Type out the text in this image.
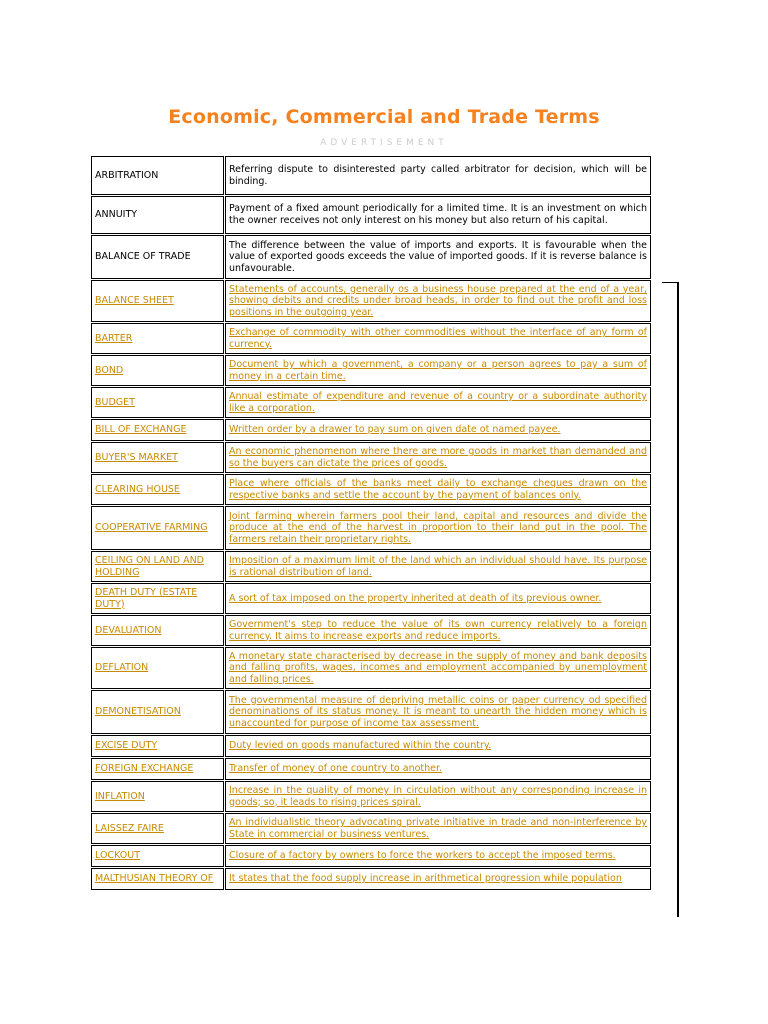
Economic, Commercial and Trade Terms
ADVERTISEMENT
ARBITRATION	Referring dispute to disinterested party called arbitrator for decision, which will be binding.
ANNUITY	Payment of a fixed amount periodically for a limited time. It is an investment on which the owner receives not only interest on his money but also return of his capital.
BALANCE OF TRADE	The difference between the value of imports and exports. It is favourable when the value of exported goods exceeds the value of imported goods. If it is reverse balance is unfavourable.
BALANCE SHEET	Statements of accounts, generally os a business house prepared at the end of a year, showing debits and credits under broad heads, in order to find out the profit and loss positions in the outgoing year.
BARTER	Exchange of commodity with other commodities without the interface of any form of currency.
BOND	Document by which a government, a company or a person agrees to pay a sum of money in a certain time.
BUDGET	Annual estimate of expenditure and revenue of a country or a subordinate authority like a corporation.
BILL OF EXCHANGE	Written order by a drawer to pay sum on given date ot named payee.
BUYER'S MARKET	An economic phenomenon where there are more goods in market than demanded and so the buyers can dictate the prices of goods.
CLEARING HOUSE	Place where officials of the banks meet daily to exchange cheques drawn on the respective banks and settle the account by the payment of balances only.
COOPERATIVE FARMING	Joint farming wherein farmers pool their land, capital and resources and divide the produce at the end of the harvest in proportion to their land put in the pool. The farmers retain their proprietary rights.
CEILING ON LAND AND HOLDING	Imposition of a maximum limit of the land which an individual should have. Its purpose is rational distribution of land.
DEATH DUTY (ESTATE DUTY)	A sort of tax imposed on the property inherited at death of its previous owner.
DEVALUATION	Government's step to reduce the value of its own currency relatively to a foreign currency. It aims to increase exports and reduce imports.
DEFLATION	A monetary state characterised by decrease in the supply of money and bank deposits and falling profits, wages, incomes and employment accompanied by unemployment and falling prices.
DEMONETISATION	The governmental measure of depriving metallic coins or paper currency od specified denominations of its status money. It is meant to unearth the hidden money which is unaccounted for purpose of income tax assessment.
EXCISE DUTY	Duty levied on goods manufactured within the country.
FOREIGN EXCHANGE	Transfer of money of one country to another.
INFLATION	Increase in the quality of money in circulation without any corresponding increase in goods; so, it leads to rising prices spiral.
LAISSEZ FAIRE	An individualistic theory advocating private initiative in trade and non-interference by State in commercial or business ventures.
LOCKOUT	Closure of a factory by owners to force the workers to accept the imposed terms.
MALTHUSIAN THEORY OF	It states that the food supply increase in arithmetical progression while population
